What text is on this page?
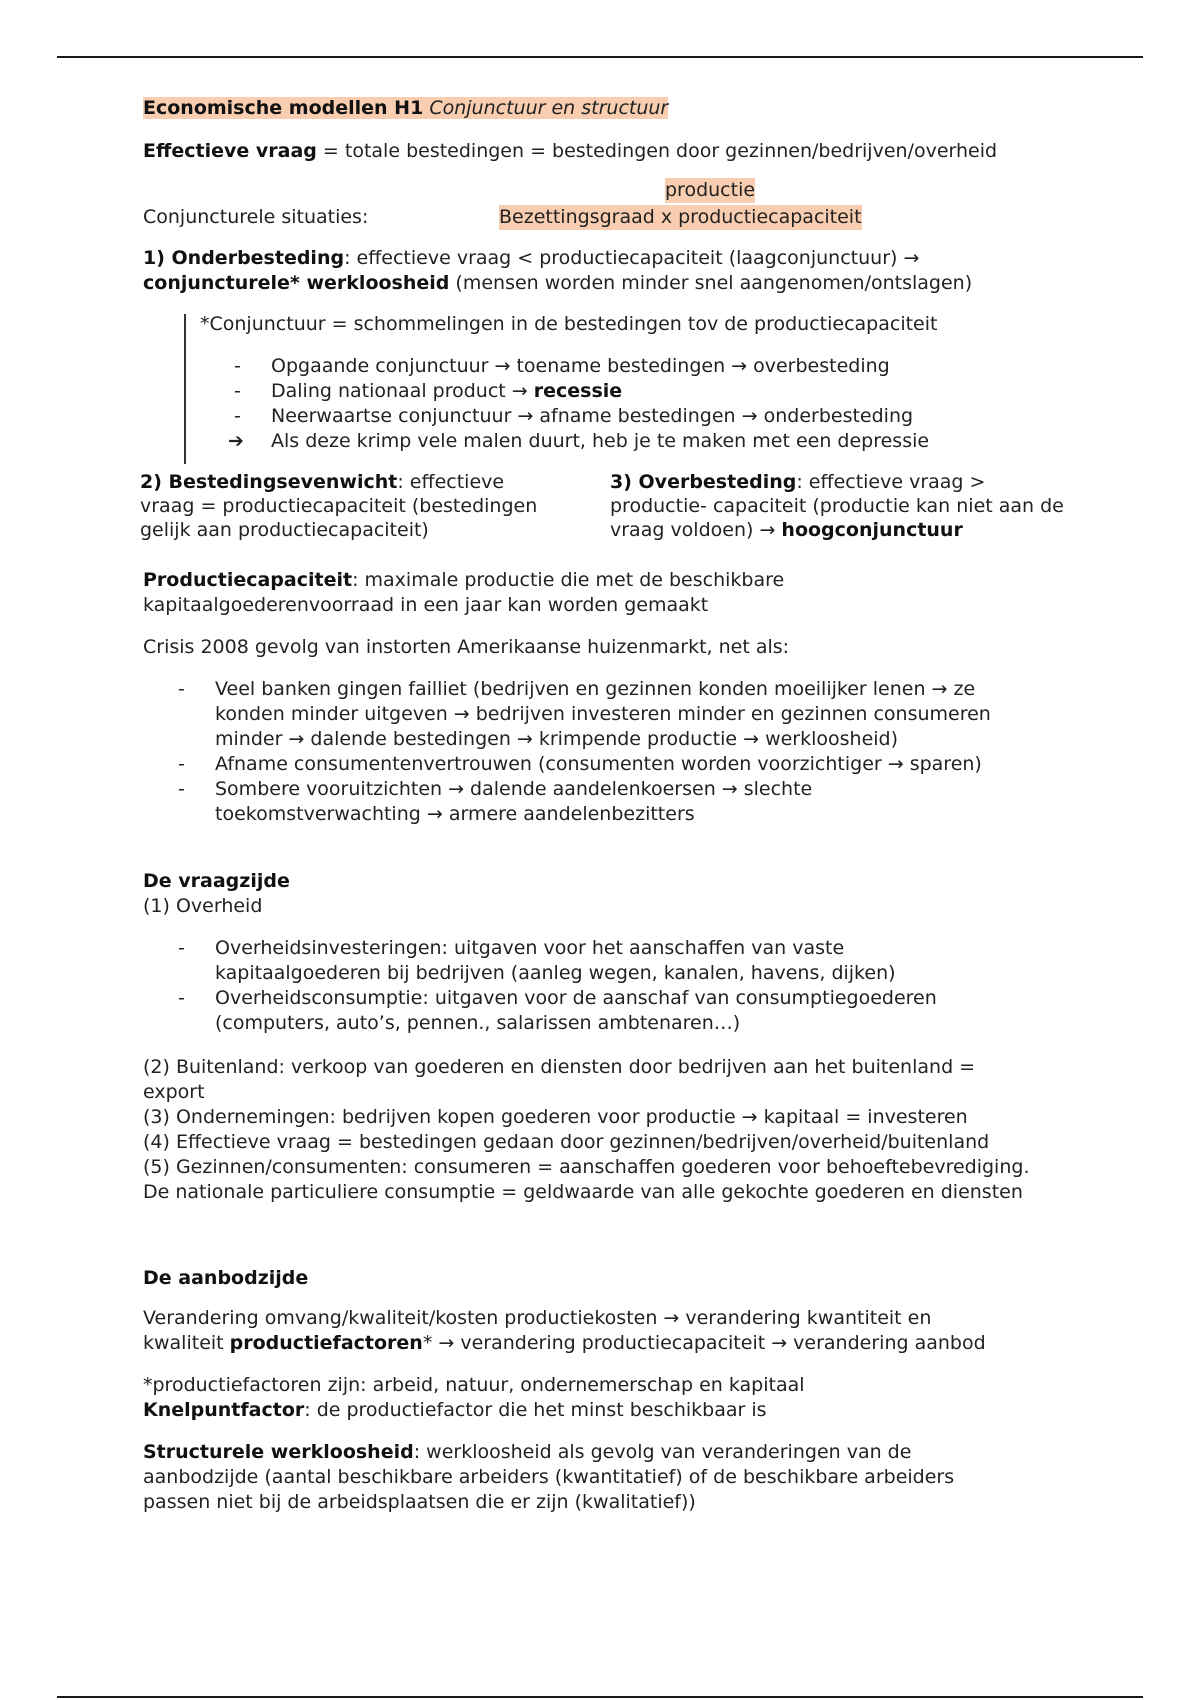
Economische modellen H1 Conjunctuur en structuur

Effectieve vraag = totale bestedingen = bestedingen door gezinnen/bedrijven/overheid

productie

Conjuncturele situaties:	Bezettingsgraad x productiecapaciteit

1) Onderbesteding: effectieve vraag < productiecapaciteit (laagconjunctuur) →

conjuncturele* werkloosheid (mensen worden minder snel aangenomen/ontslagen)

*Conjunctuur = schommelingen in de bestedingen tov de productiecapaciteit

- Opgaande conjunctuur → toename bestedingen → overbesteding
- Daling nationaal product → recessie
- Neerwaartse conjunctuur → afname bestedingen → onderbesteding
➔ Als deze krimp vele malen duurt, heb je te maken met een depressie
2) Bestedingsevenwicht: effectieve
vraag = productiecapaciteit (bestedingen
gelijk aan productiecapaciteit)
3) Overbesteding: effectieve vraag >
productie- capaciteit (productie kan niet aan de
vraag voldoen) → hoogconjunctuur
Productiecapaciteit: maximale productie die met de beschikbare
kapitaalgoederenvoorraad in een jaar kan worden gemaakt

Crisis 2008 gevolg van instorten Amerikaanse huizenmarkt, net als:

- Veel banken gingen failliet (bedrijven en gezinnen konden moeilijker lenen → ze
konden minder uitgeven → bedrijven investeren minder en gezinnen consumeren
minder → dalende bestedingen → krimpende productie → werkloosheid)
- Afname consumentenvertrouwen (consumenten worden voorzichtiger → sparen)
- Sombere vooruitzichten → dalende aandelenkoersen → slechte
toekomstverwachting → armere aandelenbezitters
De vraagzijde
(1) Overheid
- Overheidsinvesteringen: uitgaven voor het aanschaffen van vaste
kapitaalgoederen bij bedrijven (aanleg wegen, kanalen, havens, dijken)
- Overheidsconsumptie: uitgaven voor de aanschaf van consumptiegoederen
(computers, auto’s, pennen., salarissen ambtenaren…)
(2) Buitenland: verkoop van goederen en diensten door bedrijven aan het buitenland =
export
(3) Ondernemingen: bedrijven kopen goederen voor productie → kapitaal = investeren
(4) Effectieve vraag = bestedingen gedaan door gezinnen/bedrijven/overheid/buitenland
(5) Gezinnen/consumenten: consumeren = aanschaffen goederen voor behoeftebevrediging.
De nationale particuliere consumptie = geldwaarde van alle gekochte goederen en diensten

De aanbodzijde

Verandering omvang/kwaliteit/kosten productiekosten → verandering kwantiteit en
kwaliteit productiefactoren* → verandering productiecapaciteit → verandering aanbod
*productiefactoren zijn: arbeid, natuur, ondernemerschap en kapitaal
Knelpuntfactor: de productiefactor die het minst beschikbaar is
Structurele werkloosheid: werkloosheid als gevolg van veranderingen van de
aanbodzijde (aantal beschikbare arbeiders (kwantitatief) of de beschikbare arbeiders
passen niet bij de arbeidsplaatsen die er zijn (kwalitatief))
